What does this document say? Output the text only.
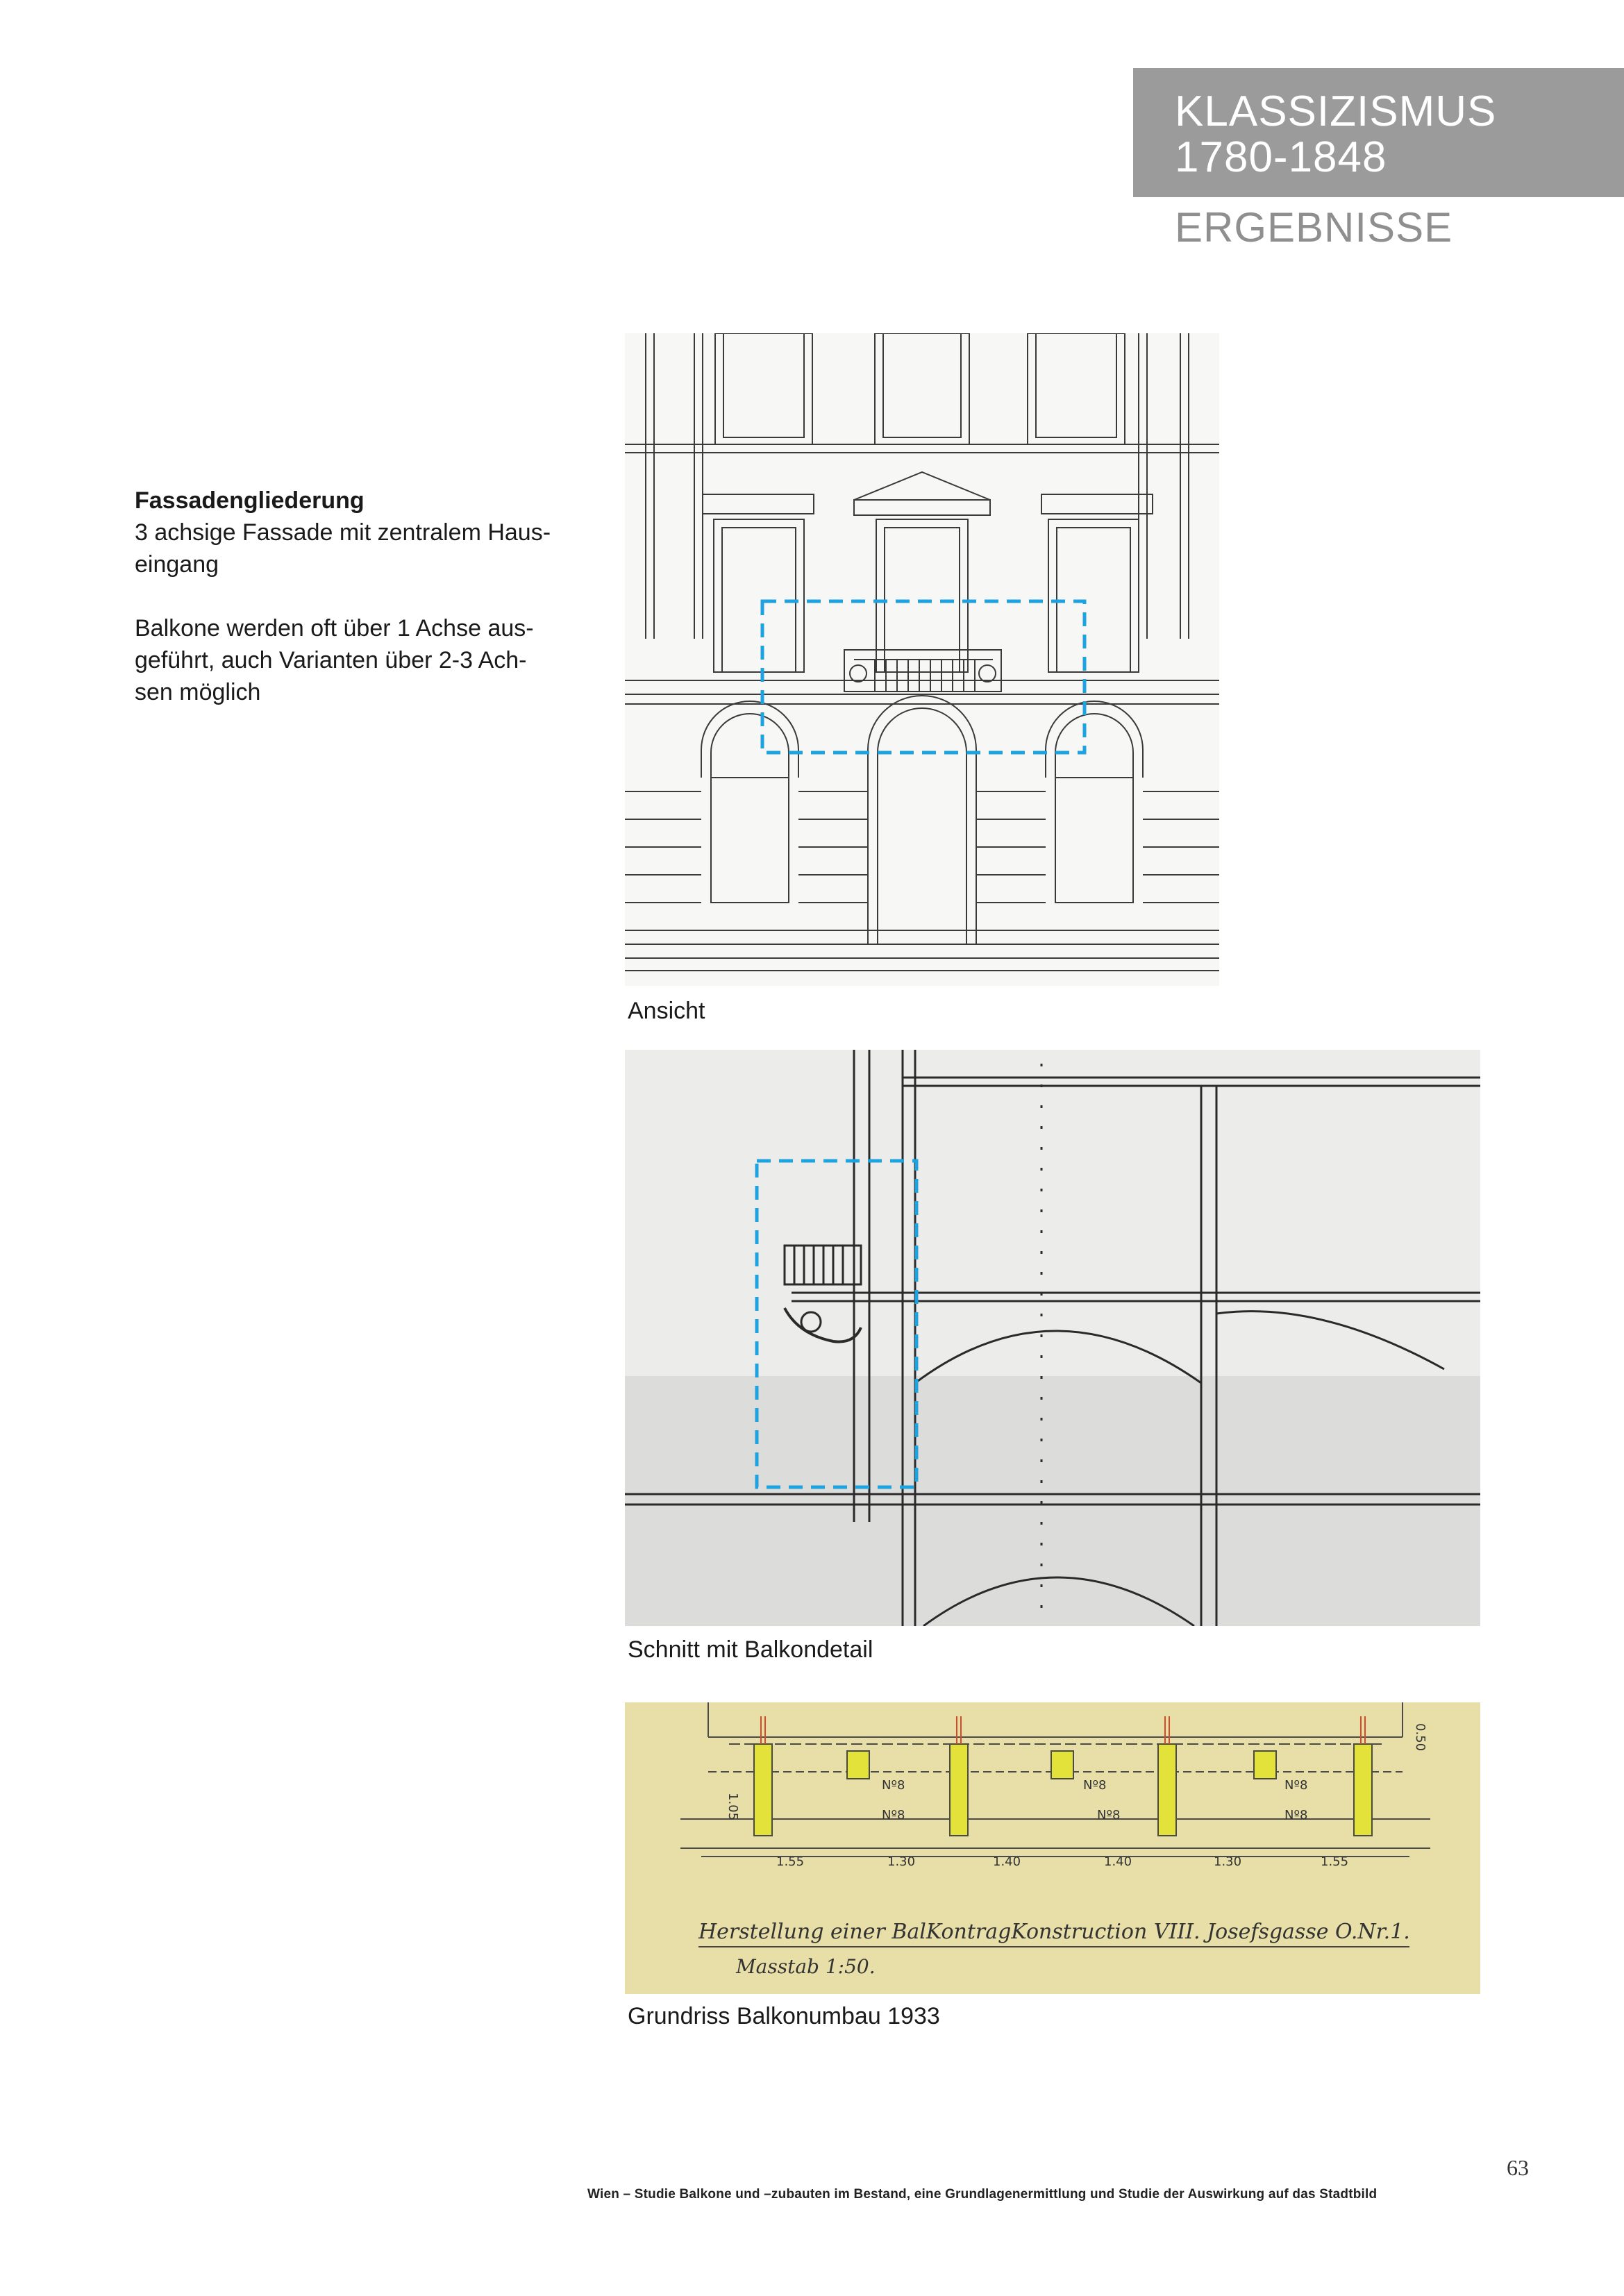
KLASSIZISMUS
1780-1848
ERGEBNISSE

Fassadengliederung

3 achsige Fassade mit zentralem Haus-

eingang

Balkone werden oft über 1 Achse aus-

geführt, auch Varianten über 2-3 Ach-

sen möglich

Ansicht
Schnitt mit Balkondetail
Nº8
Nº8
Nº8
Nº8
Nº8
Nº8
1.55	1.30	1.40	1.40	1.30	1.55
1.05
0.50
Herstellung einer BalKontragKonstruction VIII. Josefsgasse O.Nr.1.
Masstab 1:50.
Grundriss Balkonumbau 1933
63
Wien – Studie Balkone und –zubauten im Bestand, eine Grundlagenermittlung und Studie der Auswirkung auf das Stadtbild
